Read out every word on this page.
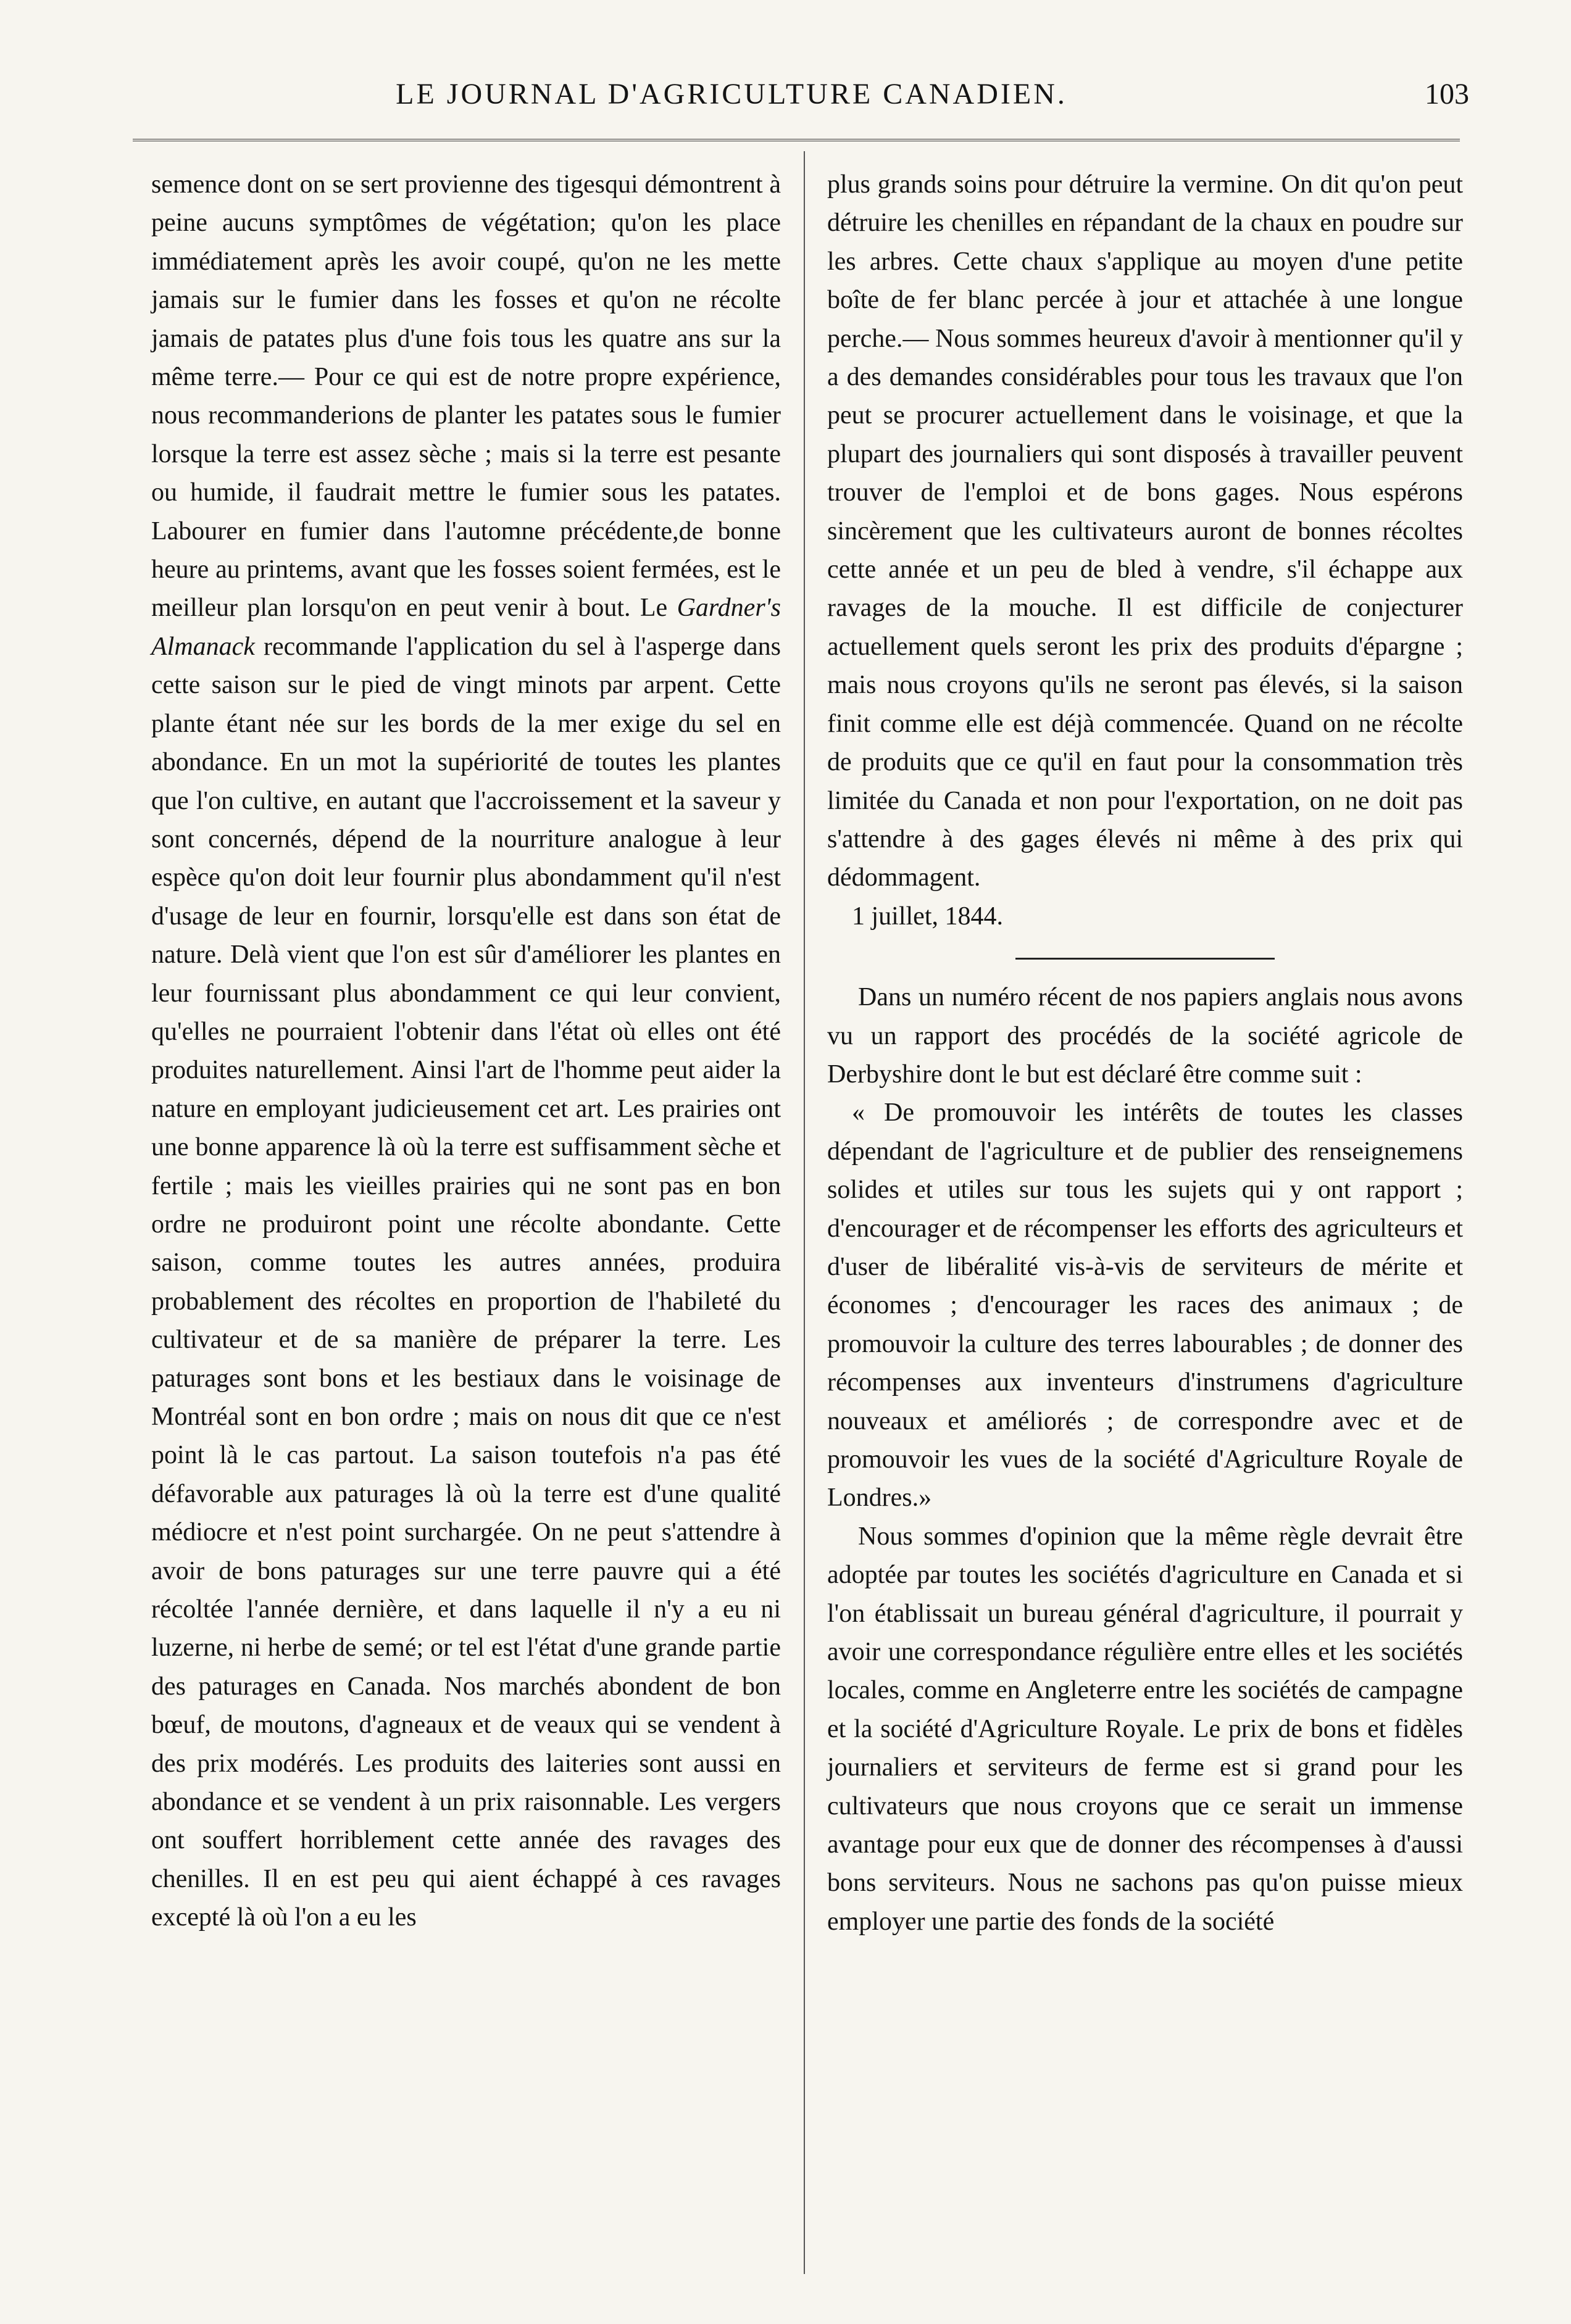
LE JOURNAL D'AGRICULTURE CANADIEN.	103

semence dont on se sert provienne des tigesqui démontrent à peine aucuns symptômes de végétation; qu'on les place immédiatement après les avoir coupé, qu'on ne les mette jamais sur le fumier dans les fosses et qu'on ne récolte jamais de patates plus d'une fois tous les quatre ans sur la même terre.— Pour ce qui est de notre propre expérience, nous recommanderions de planter les patates sous le fumier lorsque la terre est assez sèche ; mais si la terre est pesante ou humide, il faudrait mettre le fumier sous les patates. Labourer en fumier dans l'automne précédente,de bonne heure au printems, avant que les fosses soient fermées, est le meilleur plan lorsqu'on en peut venir à bout. Le Gardner's Almanack recommande l'application du sel à l'asperge dans cette saison sur le pied de vingt minots par arpent. Cette plante étant née sur les bords de la mer exige du sel en abondance. En un mot la supériorité de toutes les plantes que l'on cultive, en autant que l'accroissement et la saveur y sont concernés, dépend de la nourriture analogue à leur espèce qu'on doit leur fournir plus abondamment qu'il n'est d'usage de leur en fournir, lorsqu'elle est dans son état de nature. Delà vient que l'on est sûr d'améliorer les plantes en leur fournissant plus abondamment ce qui leur convient, qu'elles ne pourraient l'obtenir dans l'état où elles ont été produites naturellement. Ainsi l'art de l'homme peut aider la nature en employant judicieusement cet art. Les prairies ont une bonne apparence là où la terre est suffisamment sèche et fertile ; mais les vieilles prairies qui ne sont pas en bon ordre ne produiront point une récolte abondante. Cette saison, comme toutes les autres années, produira probablement des récoltes en proportion de l'habileté du cultivateur et de sa manière de préparer la terre. Les paturages sont bons et les bestiaux dans le voisinage de Montréal sont en bon ordre ; mais on nous dit que ce n'est point là le cas partout. La saison toutefois n'a pas été défavorable aux paturages là où la terre est d'une qualité médiocre et n'est point surchargée. On ne peut s'attendre à avoir de bons paturages sur une terre pauvre qui a été récoltée l'année dernière, et dans laquelle il n'y a eu ni luzerne, ni herbe de semé; or tel est l'état d'une grande partie des paturages en Canada. Nos marchés abondent de bon bœuf, de moutons, d'agneaux et de veaux qui se vendent à des prix modérés. Les produits des laiteries sont aussi en abondance et se vendent à un prix raisonnable. Les vergers ont souffert horriblement cette année des ravages des chenilles. Il en est peu qui aient échappé à ces ravages excepté là où l'on a eu les

plus grands soins pour détruire la vermine. On dit qu'on peut détruire les chenilles en répandant de la chaux en poudre sur les arbres. Cette chaux s'applique au moyen d'une petite boîte de fer blanc percée à jour et attachée à une longue perche.— Nous sommes heureux d'avoir à mentionner qu'il y a des demandes considérables pour tous les travaux que l'on peut se procurer actuellement dans le voisinage, et que la plupart des journaliers qui sont disposés à travailler peuvent trouver de l'emploi et de bons gages. Nous espérons sincèrement que les cultivateurs auront de bonnes récoltes cette année et un peu de bled à vendre, s'il échappe aux ravages de la mouche. Il est difficile de conjecturer actuellement quels seront les prix des produits d'épargne ; mais nous croyons qu'ils ne seront pas élevés, si la saison finit comme elle est déjà commencée. Quand on ne récolte de produits que ce qu'il en faut pour la consommation très limitée du Canada et non pour l'exportation, on ne doit pas s'attendre à des gages élevés ni même à des prix qui dédommagent.

1 juillet, 1844.

Dans un numéro récent de nos papiers anglais nous avons vu un rapport des procédés de la société agricole de Derbyshire dont le but est déclaré être comme suit :

« De promouvoir les intérêts de toutes les classes dépendant de l'agriculture et de publier des renseignemens solides et utiles sur tous les sujets qui y ont rapport ; d'encourager et de récompenser les efforts des agriculteurs et d'user de libéralité vis-à-vis de serviteurs de mérite et économes ; d'encourager les races des animaux ; de promouvoir la culture des terres labourables ; de donner des récompenses aux inventeurs d'instrumens d'agriculture nouveaux et améliorés ; de correspondre avec et de promouvoir les vues de la société d'Agriculture Royale de Londres.»

Nous sommes d'opinion que la même règle devrait être adoptée par toutes les sociétés d'agriculture en Canada et si l'on établissait un bureau général d'agriculture, il pourrait y avoir une correspondance régulière entre elles et les sociétés locales, comme en Angleterre entre les sociétés de campagne et la société d'Agriculture Royale. Le prix de bons et fidèles journaliers et serviteurs de ferme est si grand pour les cultivateurs que nous croyons que ce serait un immense avantage pour eux que de donner des récompenses à d'aussi bons serviteurs. Nous ne sachons pas qu'on puisse mieux employer une partie des fonds de la société
